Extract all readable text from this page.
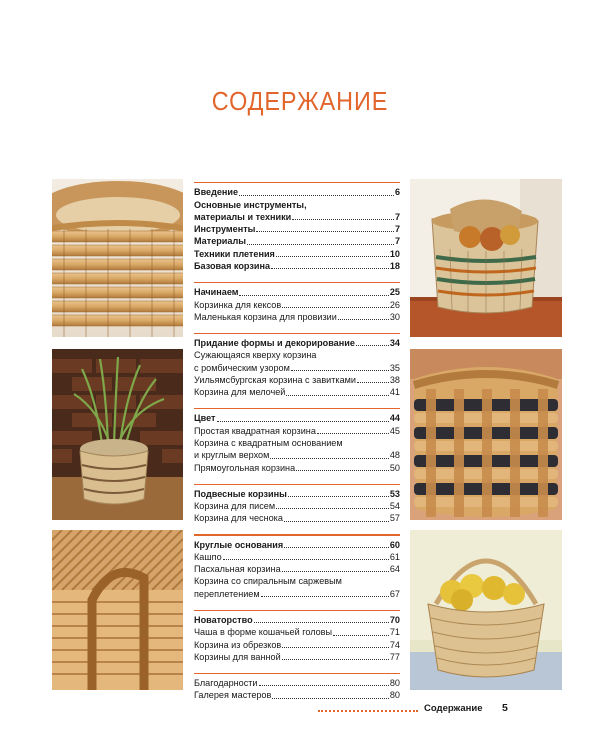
СОДЕРЖАНИЕ
Введение	6
Основные инструменты,
материалы и техники	7
Инструменты	7
Материалы	7
Техники плетения	10
Базовая корзина	18
Начинаем	25
Корзинка для кексов	26
Маленькая корзина для провизии	30
Придание формы и декорирование	34
Сужающаяся кверху корзина
с ромбическим узором	35
Уильямсбургская корзина с завитками	38
Корзина для мелочей	41
Цвет	44
Простая квадратная корзина	45
Корзина с квадратным основанием
и круглым верхом	48
Прямоугольная корзина	50
Подвесные корзины	53
Корзина для писем	54
Корзина для чеснока	57
Круглые основания	60
Кашпо	61
Пасхальная корзина	64
Корзина со спиральным саржевым
переплетением	67
Новаторство	70
Чаша в форме кошачьей головы	71
Корзина из обрезков	74
Корзины для ванной	77
Благодарности	80
Галерея мастеров	80
Содержание 5
